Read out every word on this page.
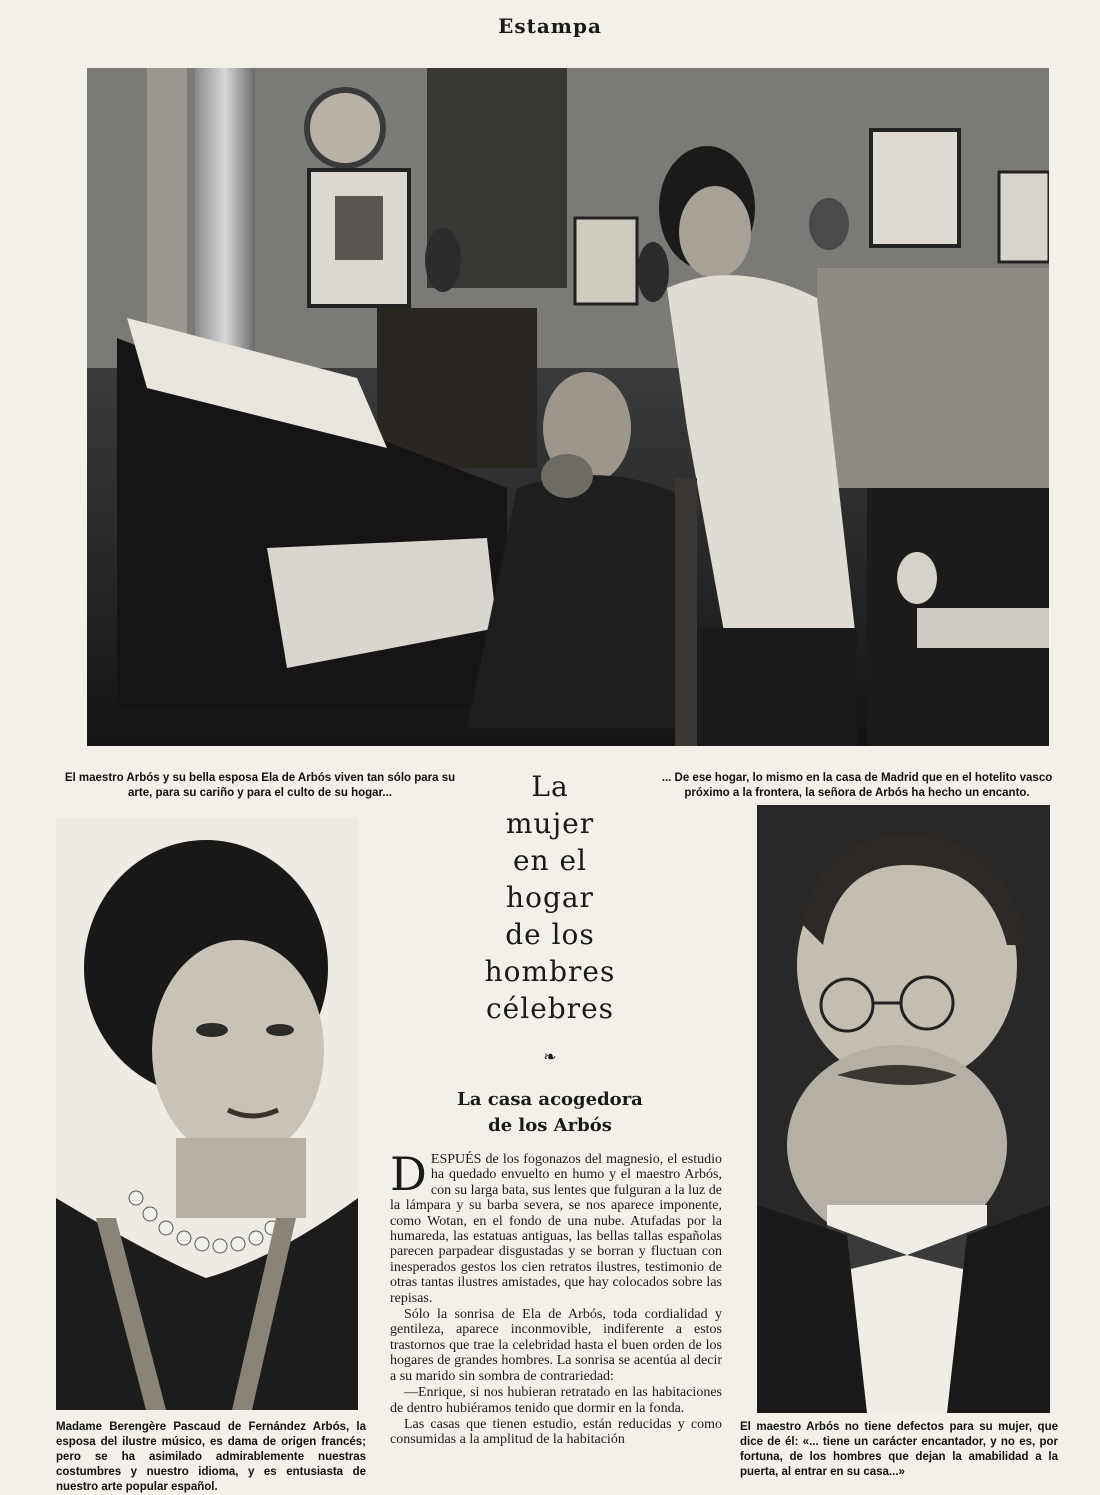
Estampa
El maestro Arbós y su bella esposa Ela de Arbós viven tan sólo para su arte, para su cariño y para el culto de su hogar...
... De ese hogar, lo mismo en la casa de Madrid que en el hotelito vasco próximo a la frontera, la señora de Arbós ha hecho un encanto.
La
mujer
en el
hogar
de los
hombres
célebres
❧
La casa acogedora
de los Arbós

DESPUÉS de los fogonazos del magnesio, el estudio ha quedado envuelto en humo y el maestro Arbós, con su larga bata, sus lentes que fulguran a la luz de la lámpara y su barba severa, se nos aparece imponente, como Wotan, en el fondo de una nube. Atufadas por la humareda, las estatuas antiguas, las bellas tallas españolas parecen parpadear disgustadas y se borran y fluctuan con inesperados gestos los cien retratos ilustres, testimonio de otras tantas ilustres amistades, que hay colocados sobre las repisas.

Sólo la sonrisa de Ela de Arbós, toda cordialidad y gentileza, aparece inconmovible, indiferente a estos trastornos que trae la celebridad hasta el buen orden de los hogares de grandes hombres. La sonrisa se acentúa al decir a su marido sin sombra de contrariedad:

—Enrique, si nos hubieran retratado en las habitaciones de dentro hubiéramos tenido que dormir en la fonda.

Las casas que tienen estudio, están reducidas y como consumidas a la amplitud de la habitación

Madame Berengère Pascaud de Fernández Arbós, la esposa del ilustre músico, es dama de origen francés; pero se ha asimilado admirablemente nuestras costumbres y nuestro idioma, y es entusiasta de nuestro arte popular español.
El maestro Arbós no tiene defectos para su mujer, que dice de él: «... tiene un carácter encantador, y no es, por fortuna, de los hombres que dejan la amabilidad a la puerta, al entrar en su casa...»
